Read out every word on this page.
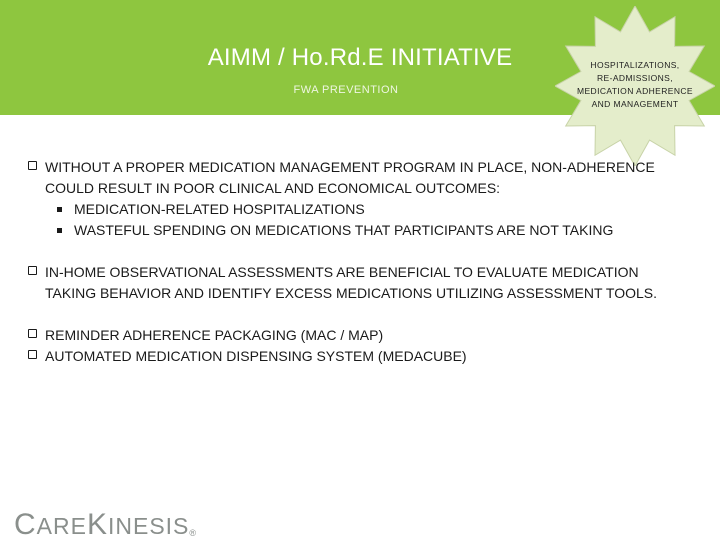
AIMM / Ho.Rd.E INITIATIVE
FWA PREVENTION
HOSPITALIZATIONS,
RE-ADMISSIONS,
MEDICATION ADHERENCE
AND MANAGEMENT
WITHOUT A PROPER MEDICATION MANAGEMENT PROGRAM IN PLACE, NON-ADHERENCE COULD RESULT IN POOR CLINICAL AND ECONOMICAL OUTCOMES:
MEDICATION-RELATED HOSPITALIZATIONS
WASTEFUL SPENDING ON MEDICATIONS THAT PARTICIPANTS ARE NOT TAKING
IN-HOME OBSERVATIONAL ASSESSMENTS ARE BENEFICIAL TO EVALUATE MEDICATION TAKING BEHAVIOR AND IDENTIFY EXCESS MEDICATIONS UTILIZING ASSESSMENT TOOLS.
REMINDER ADHERENCE PACKAGING (MAC / MAP)
AUTOMATED MEDICATION DISPENSING SYSTEM (MEDACUBE)
CAREKINESIS®
